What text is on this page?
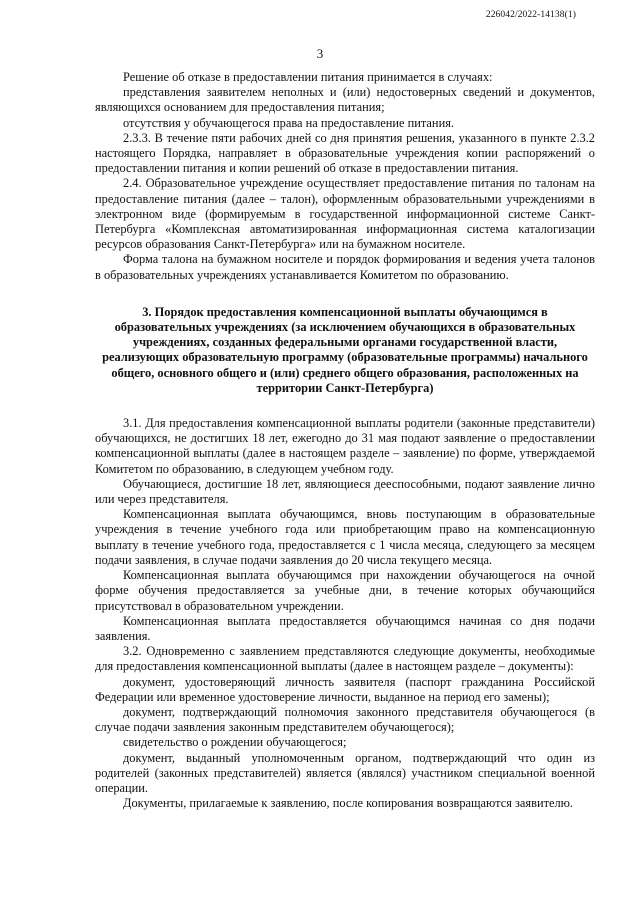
226042/2022-14138(1)
3

Решение об отказе в предоставлении питания принимается в случаях:

представления заявителем неполных и (или) недостоверных сведений и документов, являющихся основанием для предоставления питания;

отсутствия у обучающегося права на предоставление питания.

2.3.3. В течение пяти рабочих дней со дня принятия решения, указанного в пункте 2.3.2 настоящего Порядка, направляет в образовательные учреждения копии распоряжений о предоставлении питания и копии решений об отказе в предоставлении питания.

2.4. Образовательное учреждение осуществляет предоставление питания по талонам на предоставление питания (далее – талон), оформленным образовательными учреждениями в электронном виде (формируемым в государственной информационной системе Санкт-Петербурга «Комплексная автоматизированная информационная система каталогизации ресурсов образования Санкт-Петербурга» или на бумажном носителе.

Форма талона на бумажном носителе и порядок формирования и ведения учета талонов в образовательных учреждениях устанавливается Комитетом по образованию.

3. Порядок предоставления компенсационной выплаты обучающимся в образовательных учреждениях (за исключением обучающихся в образовательных учреждениях, созданных федеральными органами государственной власти, реализующих образовательную программу (образовательные программы) начального общего, основного общего и (или) среднего общего образования, расположенных на территории Санкт-Петербурга)

3.1. Для предоставления компенсационной выплаты родители (законные представители) обучающихся, не достигших 18 лет, ежегодно до 31 мая подают заявление о предоставлении компенсационной выплаты (далее в настоящем разделе – заявление) по форме, утверждаемой Комитетом по образованию, в следующем учебном году.

Обучающиеся, достигшие 18 лет, являющиеся дееспособными, подают заявление лично или через представителя.

Компенсационная выплата обучающимся, вновь поступающим в образовательные учреждения в течение учебного года или приобретающим право на компенсационную выплату в течение учебного года, предоставляется с 1 числа месяца, следующего за месяцем подачи заявления, в случае подачи заявления до 20 числа текущего месяца.

Компенсационная выплата обучающимся при нахождении обучающегося на очной форме обучения предоставляется за учебные дни, в течение которых обучающийся присутствовал в образовательном учреждении.

Компенсационная выплата предоставляется обучающимся начиная со дня подачи заявления.

3.2. Одновременно с заявлением представляются следующие документы, необходимые для предоставления компенсационной выплаты (далее в настоящем разделе – документы):

документ, удостоверяющий личность заявителя (паспорт гражданина Российской Федерации или временное удостоверение личности, выданное на период его замены);

документ, подтверждающий полномочия законного представителя обучающегося (в случае подачи заявления законным представителем обучающегося);

свидетельство о рождении обучающегося;

документ, выданный уполномоченным органом, подтверждающий что один из родителей (законных представителей) является (являлся) участником специальной военной операции.

Документы, прилагаемые к заявлению, после копирования возвращаются заявителю.
